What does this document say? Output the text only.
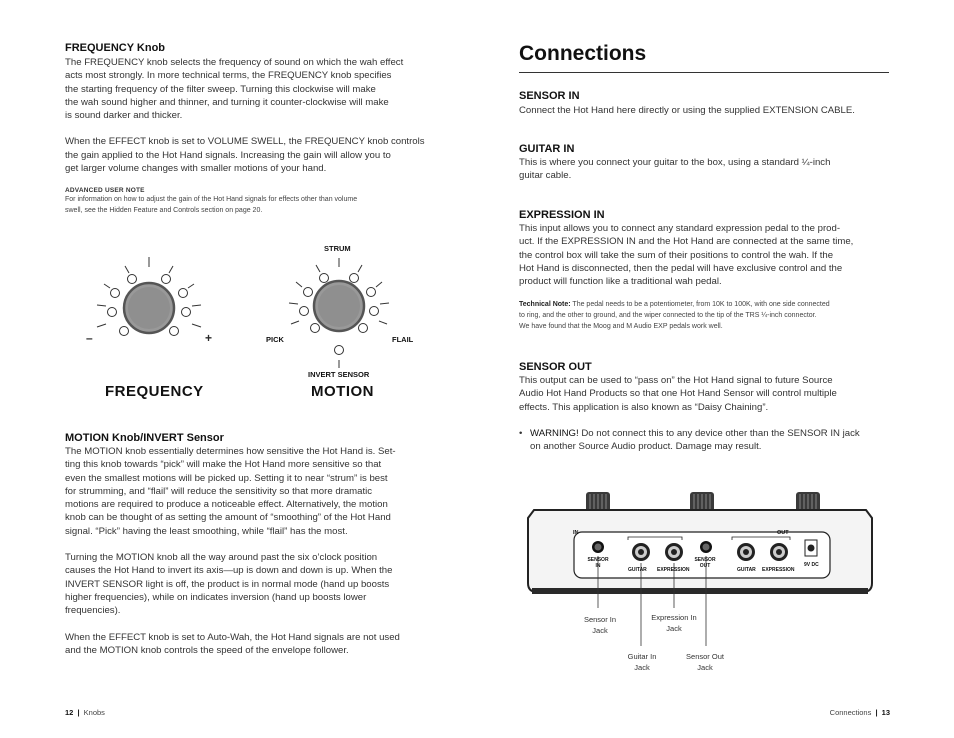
FREQUENCY Knob

The FREQUENCY knob selects the frequency of sound on which the wah effect

acts most strongly. In more technical terms, the FREQUENCY knob specifies

the starting frequency of the filter sweep. Turning this clockwise will make

the wah sound higher and thinner, and turning it counter-clockwise will make

is sound darker and thicker.

When the EFFECT knob is set to VOLUME SWELL, the FREQUENCY knob controls

the gain applied to the Hot Hand signals. Increasing the gain will allow you to

get larger volume changes with smaller motions of your hand.

ADVANCED USER NOTE

For information on how to adjust the gain of the Hot Hand signals for effects other than volume

swell, see the Hidden Feature and Controls section on page 20.

–	+
STRUM
PICK	FLAIL
INVERT SENSOR
FREQUENCY	MOTION

MOTION Knob/INVERT Sensor

The MOTION knob essentially determines how sensitive the Hot Hand is. Set-

ting this knob towards “pick” will make the Hot Hand more sensitive so that

even the smallest motions will be picked up. Setting it to near “strum” is best

for strumming, and “flail” will reduce the sensitivity so that more dramatic

motions are required to produce a noticeable effect. Alternatively, the motion

knob can be thought of as setting the amount of “smoothing” of the Hot Hand

signal. “Pick” having the least smoothing, while “flail” has the most.

Turning the MOTION knob all the way around past the six o’clock position

causes the Hot Hand to invert its axis—up is down and down is up. When the

INVERT SENSOR light is off, the product is in normal mode (hand up boosts

higher frequencies), while on indicates inversion (hand up boosts lower

frequencies).

When the EFFECT knob is set to Auto-Wah, the Hot Hand signals are not used

and the MOTION knob controls the speed of the envelope follower.

12 | Knobs
Connections

SENSOR IN

Connect the Hot Hand here directly or using the supplied EXTENSION CABLE.

GUITAR IN

This is where you connect your guitar to the box, using a standard ¼-inch

guitar cable.

EXPRESSION IN

This input allows you to connect any standard expression pedal to the prod-

uct. If the EXPRESSION IN and the Hot Hand are connected at the same time,

the control box will take the sum of their positions to control the wah. If the

Hot Hand is disconnected, then the pedal will have exclusive control and the

product will function like a traditional wah pedal.

Technical Note: The pedal needs to be a potentiometer, from 10K to 100K, with one side connected

to ring, and the other to ground, and the wiper connected to the tip of the TRS ¼-inch connector.

We have found that the Moog and M Audio EXP pedals work well.

SENSOR OUT

This output can be used to “pass on” the Hot Hand signal to future Source

Audio Hot Hand Products so that one Hot Hand Sensor will control multiple

effects. This application is also known as “Daisy Chaining”.

• WARNING! Do not connect this to any device other than the SENSOR IN jack

on another Source Audio product. Damage may result.

IN	OUT
SENSOR
IN
GUITAR EXPRESSION
SENSOR
OUT
GUITAR EXPRESSION
9V DC
Sensor In
Jack
Expression In
Jack
Guitar In
Jack
Sensor Out
Jack
Connections | 13
